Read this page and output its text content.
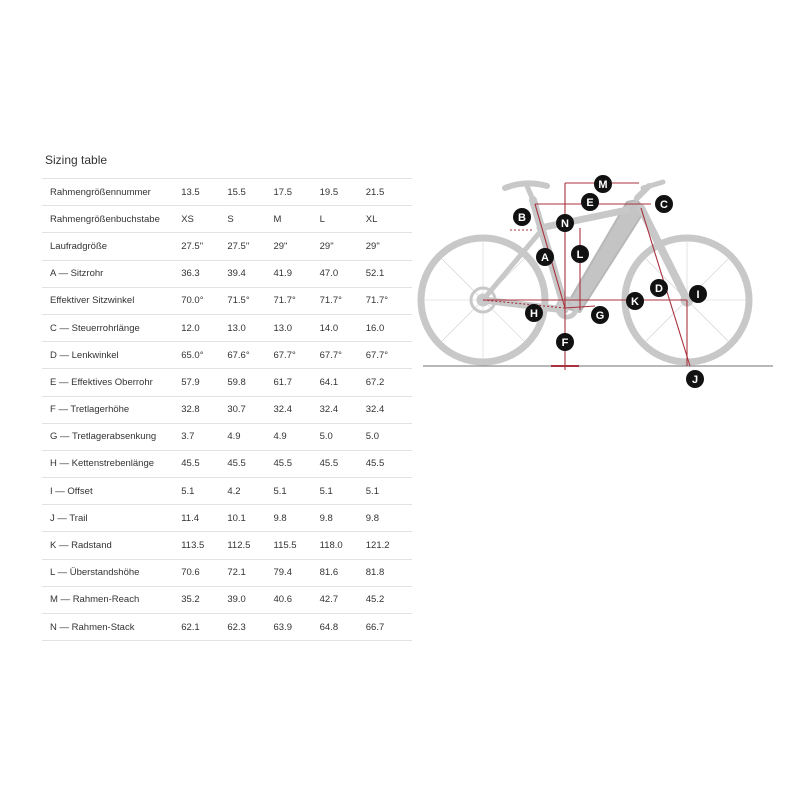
Sizing table
Rahmengrößennummer	13.5	15.5	17.5	19.5	21.5
Rahmengrößenbuchstabe	XS	S	M	L	XL
Laufradgröße	27.5"	27.5"	29"	29"	29"
A — Sitzrohr	36.3	39.4	41.9	47.0	52.1
Effektiver Sitzwinkel	70.0°	71.5°	71.7°	71.7°	71.7°
C — Steuerrohrlänge	12.0	13.0	13.0	14.0	16.0
D — Lenkwinkel	65.0°	67.6°	67.7°	67.7°	67.7°
E — Effektives Oberrohr	57.9	59.8	61.7	64.1	67.2
F — Tretlagerhöhe	32.8	30.7	32.4	32.4	32.4
G — Tretlagerabsenkung	3.7	4.9	4.9	5.0	5.0
H — Kettenstrebenlänge	45.5	45.5	45.5	45.5	45.5
I — Offset	5.1	4.2	5.1	5.1	5.1
J — Trail	11.4	10.1	9.8	9.8	9.8
K — Radstand	113.5	112.5	115.5	118.0	121.2
L — Überstandshöhe	70.6	72.1	79.4	81.6	81.8
M — Rahmen-Reach	35.2	39.0	40.6	42.7	45.2
N — Rahmen-Stack	62.1	62.3	63.9	64.8	66.7
M
E	C
B	N
A	L
D	I
K
H	G
F
J
